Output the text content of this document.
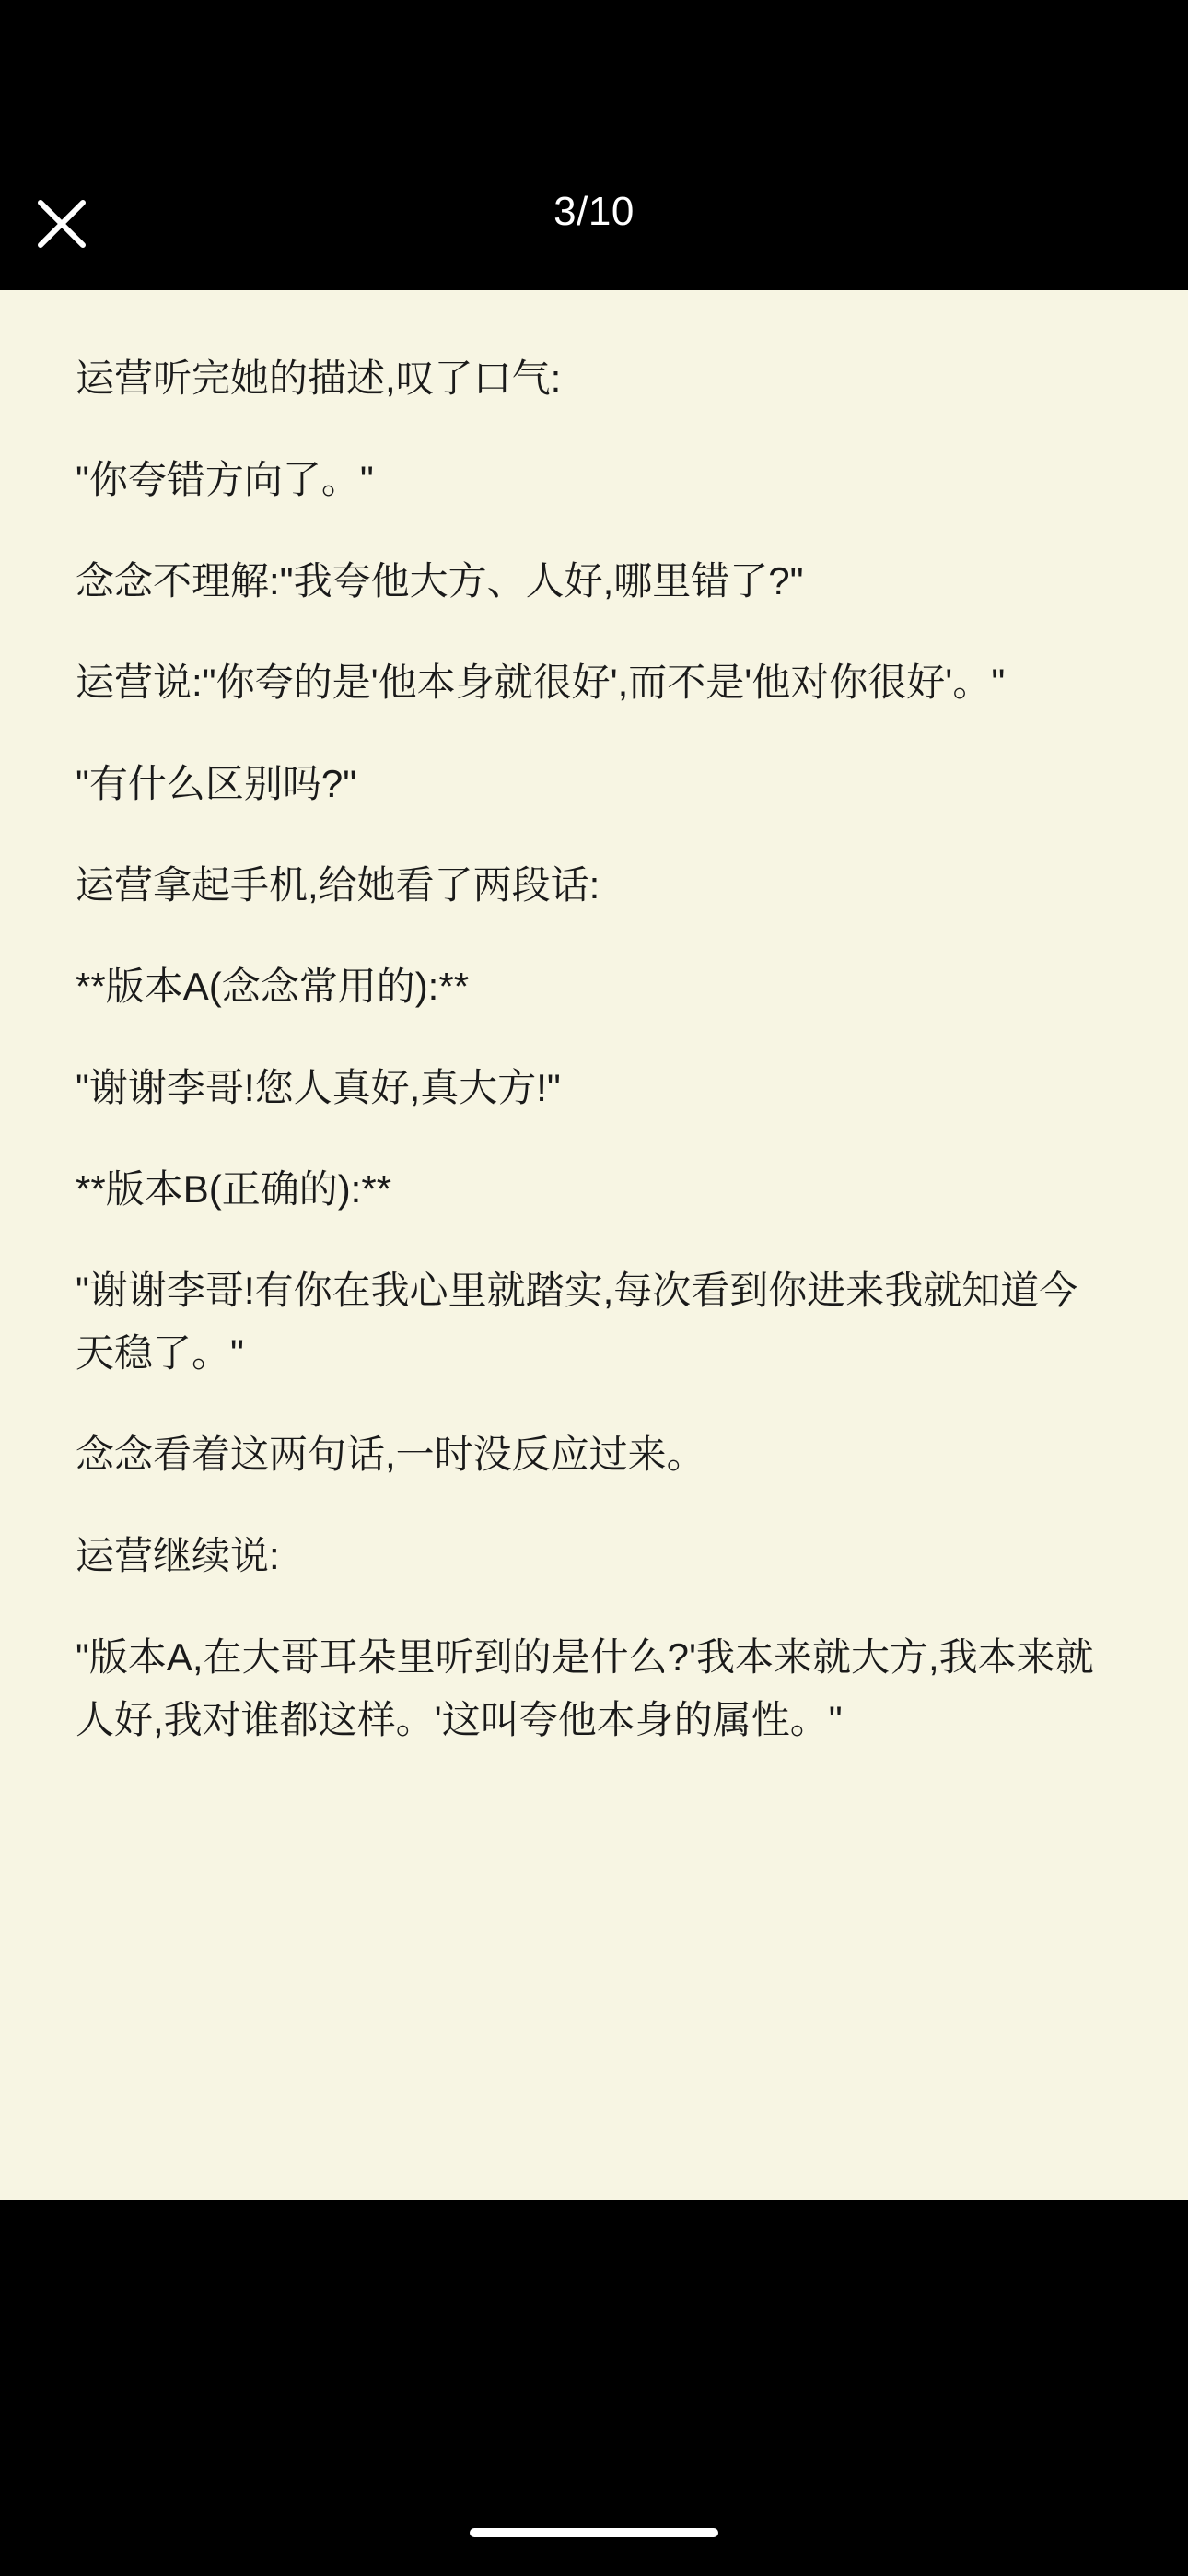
3/10

运营听完她的描述,叹了口气:

"你夸错方向了。"

念念不理解:"我夸他大方、人好,哪里错了?"

运营说:"你夸的是'他本身就很好',而不是'他对你很好'。"

"有什么区别吗?"

运营拿起手机,给她看了两段话:

**版本A(念念常用的):**

"谢谢李哥!您人真好,真大方!"

**版本B(正确的):**

"谢谢李哥!有你在我心里就踏实,每次看到你进来我就知道今天稳了。"

念念看着这两句话,一时没反应过来。

运营继续说:

"版本A,在大哥耳朵里听到的是什么?'我本来就大方,我本来就人好,我对谁都这样。'这叫夸他本身的属性。"
